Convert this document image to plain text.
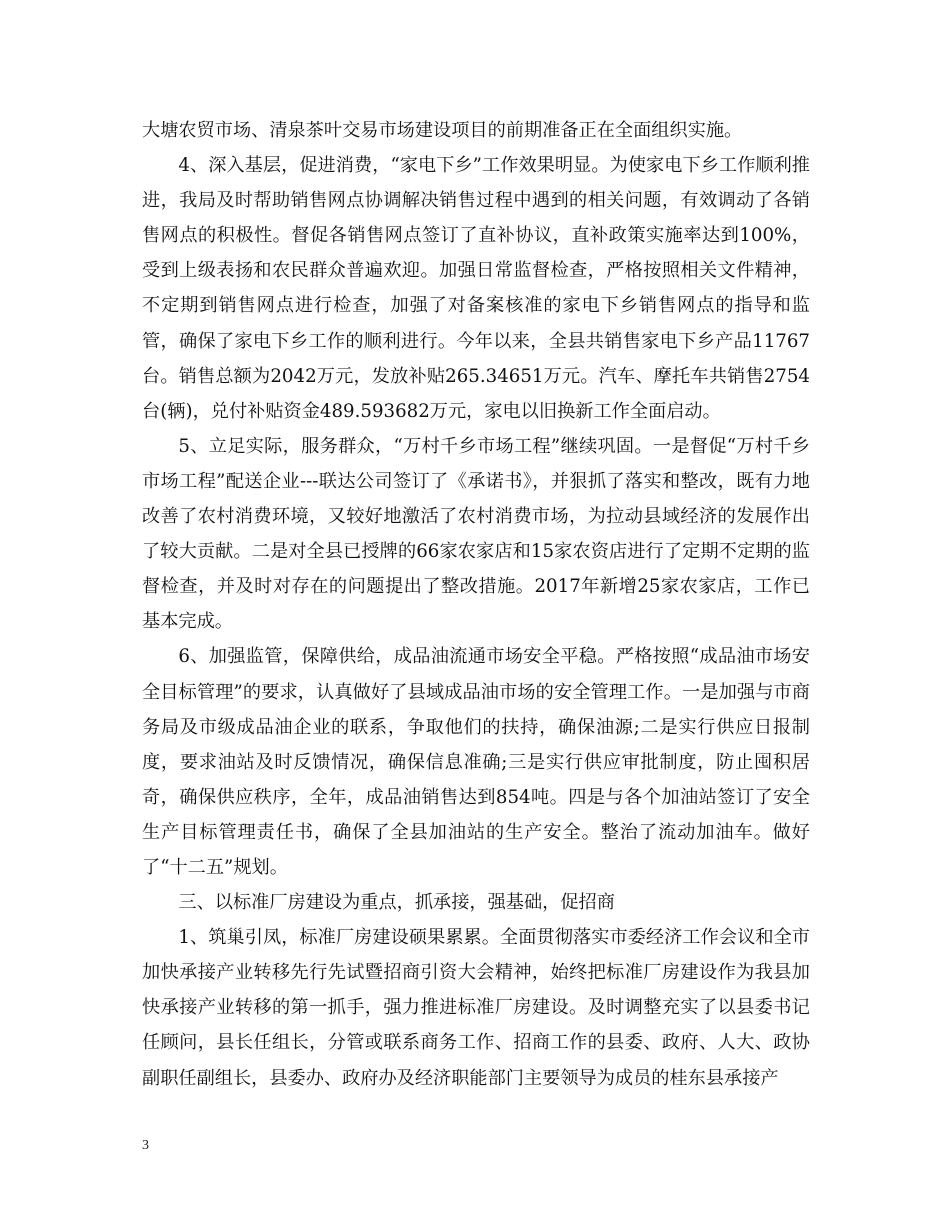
大塘农贸市场、清泉茶叶交易市场建设项目的前期准备正在全面组织实施。

4、深入基层，促进消费，“家电下乡”工作效果明显。为使家电下乡工作顺利推进，我局及时帮助销售网点协调解决销售过程中遇到的相关问题，有效调动了各销售网点的积极性。督促各销售网点签订了直补协议，直补政策实施率达到100%，受到上级表扬和农民群众普遍欢迎。加强日常监督检查，严格按照相关文件精神，不定期到销售网点进行检查，加强了对备案核准的家电下乡销售网点的指导和监管，确保了家电下乡工作的顺利进行。今年以来，全县共销售家电下乡产品11767台。销售总额为2042万元，发放补贴265.34651万元。汽车、摩托车共销售2754台(辆)，兑付补贴资金489.593682万元，家电以旧换新工作全面启动。

5、立足实际，服务群众，“万村千乡市场工程”继续巩固。一是督促“万村千乡市场工程”配送企业---联达公司签订了《承诺书》，并狠抓了落实和整改，既有力地改善了农村消费环境，又较好地激活了农村消费市场，为拉动县域经济的发展作出了较大贡献。二是对全县已授牌的66家农家店和15家农资店进行了定期不定期的监督检查，并及时对存在的问题提出了整改措施。2017年新增25家农家店，工作已基本完成。

6、加强监管，保障供给，成品油流通市场安全平稳。严格按照“成品油市场安全目标管理”的要求，认真做好了县域成品油市场的安全管理工作。一是加强与市商务局及市级成品油企业的联系，争取他们的扶持，确保油源;二是实行供应日报制度，要求油站及时反馈情况，确保信息准确;三是实行供应审批制度，防止囤积居奇，确保供应秩序，全年，成品油销售达到854吨。四是与各个加油站签订了安全生产目标管理责任书，确保了全县加油站的生产安全。整治了流动加油车。做好了“十二五”规划。

三、以标准厂房建设为重点，抓承接，强基础，促招商

1、筑巢引凤，标准厂房建设硕果累累。全面贯彻落实市委经济工作会议和全市加快承接产业转移先行先试暨招商引资大会精神，始终把标准厂房建设作为我县加快承接产业转移的第一抓手，强力推进标准厂房建设。及时调整充实了以县委书记任顾问，县长任组长，分管或联系商务工作、招商工作的县委、政府、人大、政协副职任副组长，县委办、政府办及经济职能部门主要领导为成员的桂东县承接产

3
